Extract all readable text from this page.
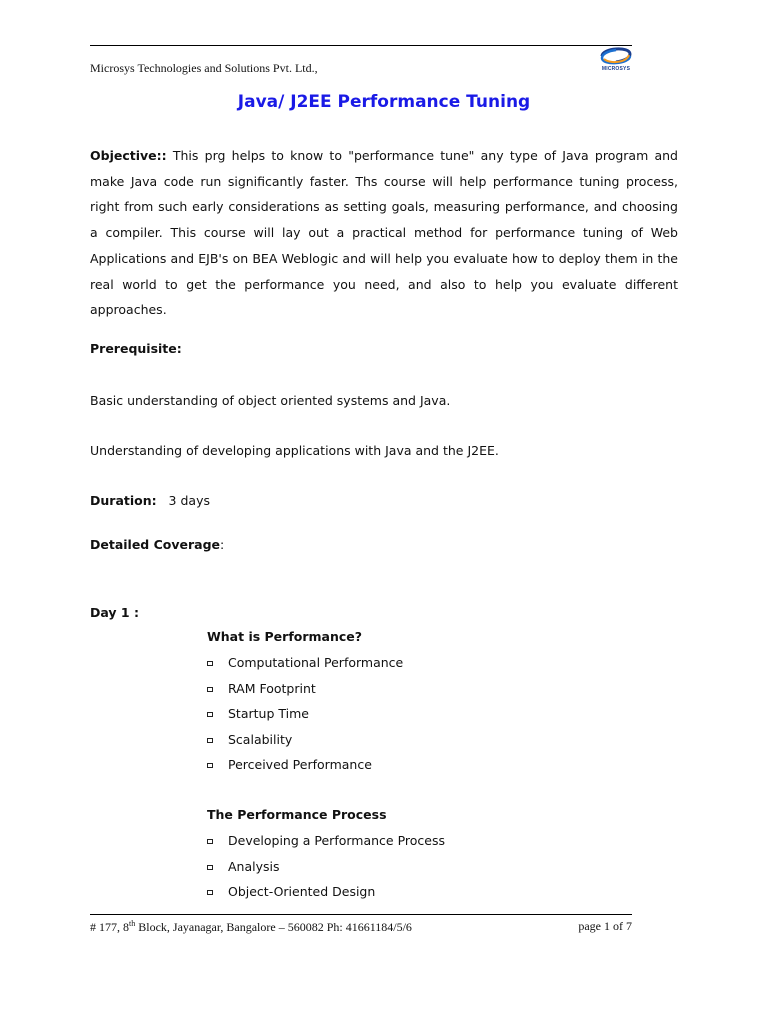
Microsys Technologies and Solutions Pvt. Ltd.,	MICROSYS
Java/ J2EE Performance Tuning
Objective:: This prg helps to know to "performance tune" any type of Java program and make Java code run significantly faster. Ths course will help performance tuning process, right from such early considerations as setting goals, measuring performance, and choosing a compiler. This course will lay out a practical method for performance tuning of Web Applications and EJB's on BEA Weblogic and will help you evaluate how to deploy them in the real world to get the performance you need, and also to help you evaluate different approaches.
Prerequisite:
Basic understanding of object oriented systems and Java.
Understanding of developing applications with Java and the J2EE.
Duration: 3 days
Detailed Coverage:
Day 1 :
What is Performance?
Computational Performance
RAM Footprint
Startup Time
Scalability
Perceived Performance
The Performance Process
Developing a Performance Process
Analysis
Object-Oriented Design
# 177, 8th Block, Jayanagar, Bangalore – 560082 Ph: 41661184/5/6	page 1 of 7
